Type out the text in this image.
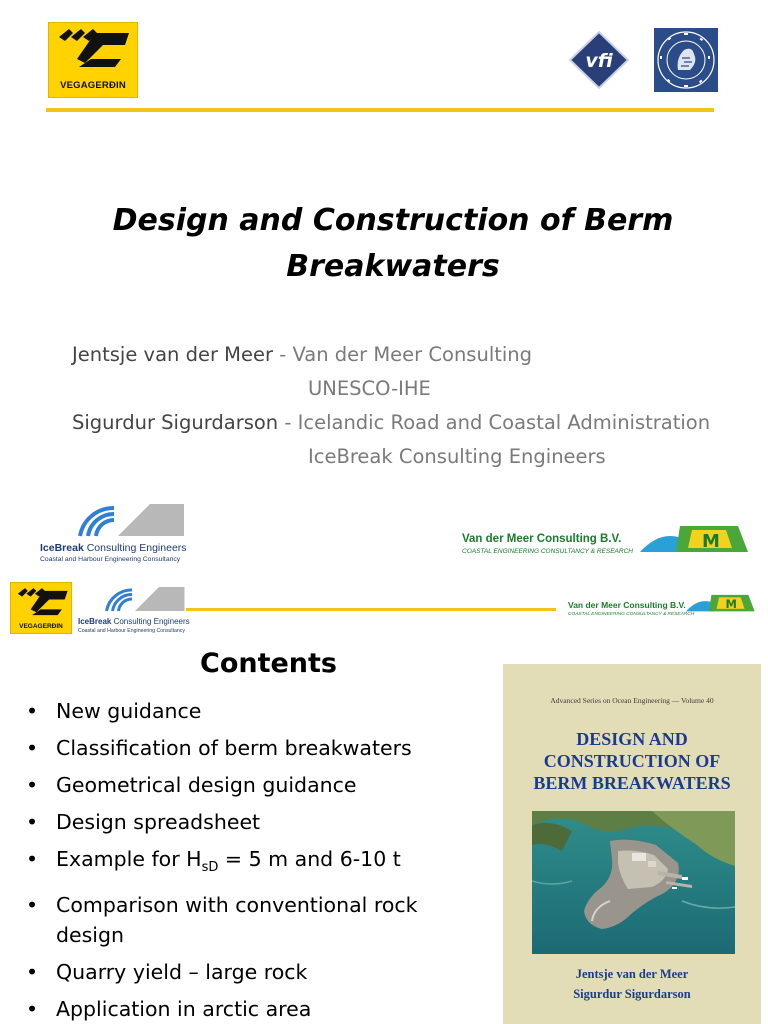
VEGAGERÐIN
vfi
Design and Construction of Berm
Breakwaters
Jentsje van der Meer - Van der Meer Consulting
UNESCO-IHE
Sigurdur Sigurdarson - Icelandic Road and Coastal Administration
IceBreak Consulting Engineers
IceBreak Consulting Engineers
Coastal and Harbour Engineering Consultancy
Van der Meer Consulting B.V.
COASTAL ENGINEERING CONSULTANCY & RESEARCH	M
VEGAGERÐIN
IceBreak Consulting Engineers
Coastal and Harbour Engineering Consultancy
Van der Meer Consulting B.V.
COASTAL ENGINEERING CONSULTANCY & RESEARCH
M
Contents
• New guidance
• Classification of berm breakwaters
• Geometrical design guidance
• Design spreadsheet
• Example for $H_{sD} = 5$ m and 6-10 t
• Comparison with conventional rock design
• Quarry yield – large rock
• Application in arctic area
Advanced Series on Ocean Engineering — Volume 40
DESIGN AND
CONSTRUCTION OF
BERM BREAKWATERS
Jentsje van der Meer
Sigurdur Sigurdarson
